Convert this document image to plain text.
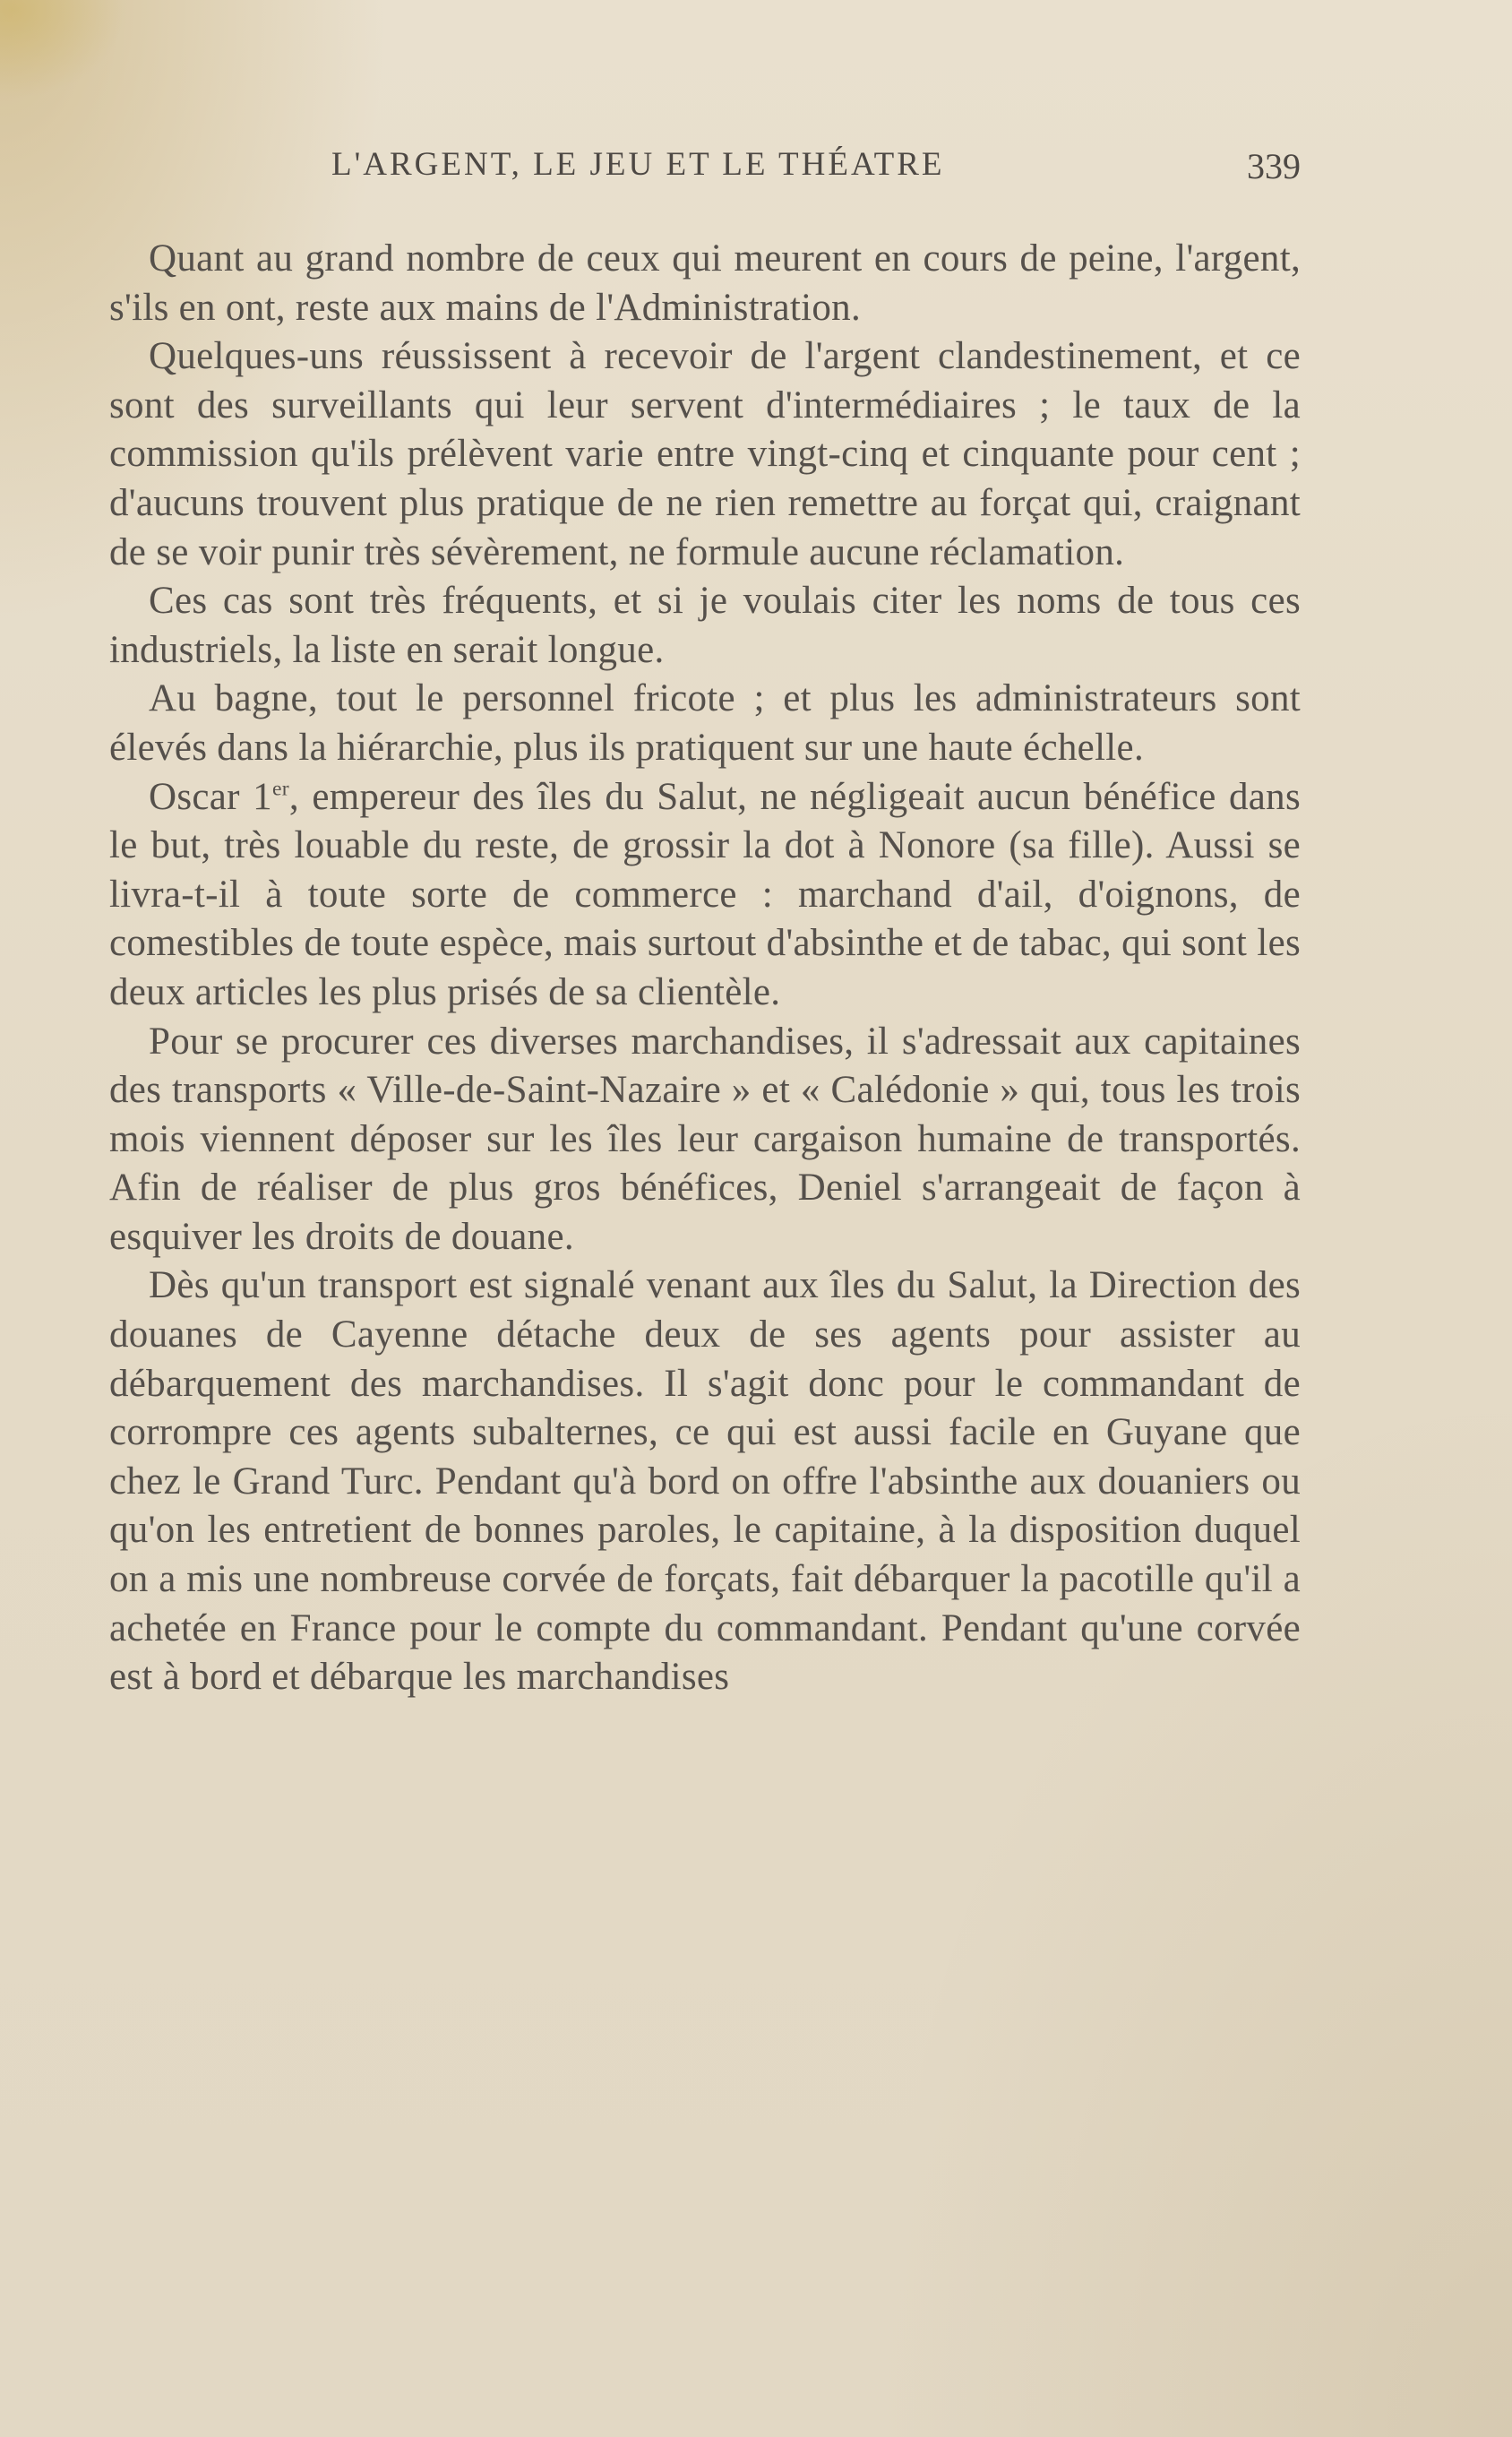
L'ARGENT, LE JEU ET LE THÉATRE	339

Quant au grand nombre de ceux qui meurent en cours de peine, l'argent, s'ils en ont, reste aux mains de l'Administration.

Quelques-uns réussissent à recevoir de l'argent clandestinement, et ce sont des surveillants qui leur servent d'intermédiaires ; le taux de la commission qu'ils prélèvent varie entre vingt-cinq et cinquante pour cent ; d'aucuns trouvent plus pratique de ne rien remettre au forçat qui, craignant de se voir punir très sévèrement, ne formule aucune réclamation.

Ces cas sont très fréquents, et si je voulais citer les noms de tous ces industriels, la liste en serait longue.

Au bagne, tout le personnel fricote ; et plus les administrateurs sont élevés dans la hiérarchie, plus ils pratiquent sur une haute échelle.

Oscar 1er, empereur des îles du Salut, ne négligeait aucun bénéfice dans le but, très louable du reste, de grossir la dot à Nonore (sa fille). Aussi se livra-t-il à toute sorte de commerce : marchand d'ail, d'oignons, de comestibles de toute espèce, mais surtout d'absinthe et de tabac, qui sont les deux articles les plus prisés de sa clientèle.

Pour se procurer ces diverses marchandises, il s'adressait aux capitaines des transports « Ville-de-Saint-Nazaire » et « Calédonie » qui, tous les trois mois viennent déposer sur les îles leur cargaison humaine de transportés. Afin de réaliser de plus gros bénéfices, Deniel s'arrangeait de façon à esquiver les droits de douane.

Dès qu'un transport est signalé venant aux îles du Salut, la Direction des douanes de Cayenne détache deux de ses agents pour assister au débarquement des marchandises. Il s'agit donc pour le commandant de corrompre ces agents subalternes, ce qui est aussi facile en Guyane que chez le Grand Turc. Pendant qu'à bord on offre l'absinthe aux douaniers ou qu'on les entretient de bonnes paroles, le capitaine, à la disposition duquel on a mis une nombreuse corvée de forçats, fait débarquer la pacotille qu'il a achetée en France pour le compte du commandant. Pendant qu'une corvée est à bord et débarque les marchandises
